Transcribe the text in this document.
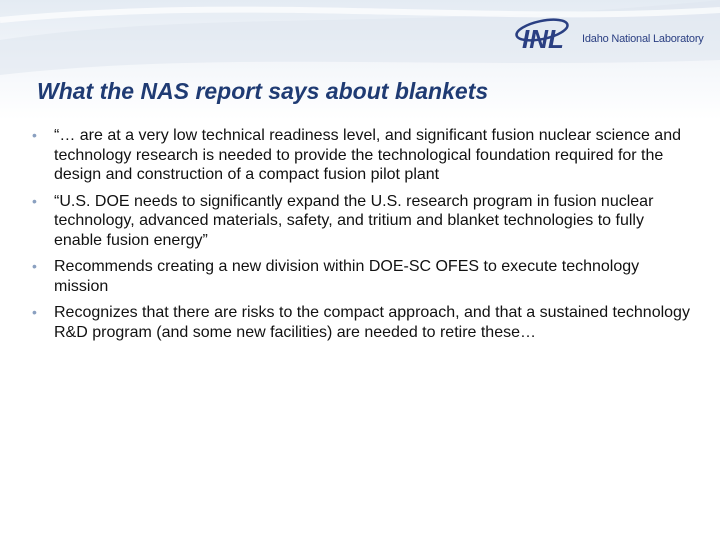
INL Idaho National Laboratory
What the NAS report says about blankets
•	“… are at a very low technical readiness level, and significant fusion nuclear science and technology research is needed to provide the technological foundation required for the design and construction of a compact fusion pilot plant
•	“U.S. DOE needs to significantly expand the U.S. research program in fusion nuclear technology, advanced materials, safety, and tritium and blanket technologies to fully enable fusion energy”
•	Recommends creating a new division within DOE-SC OFES to execute technology mission
•	Recognizes that there are risks to the compact approach, and that a sustained technology R&D program (and some new facilities) are needed to retire these…
